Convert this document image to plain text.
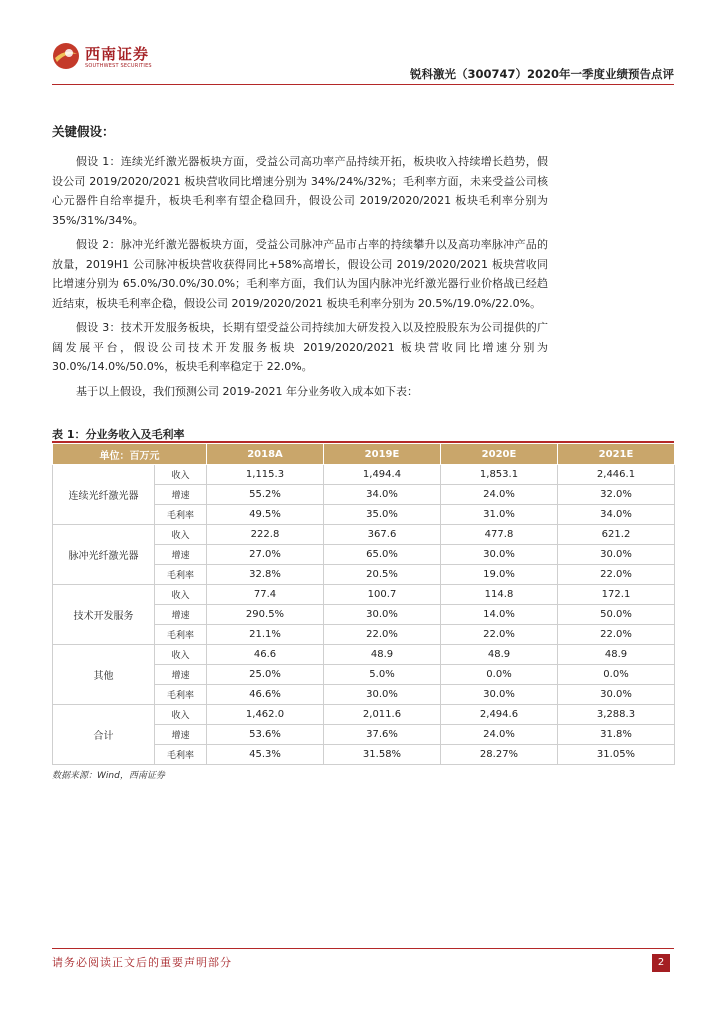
西南证券
SOUTHWEST SECURITIES
锐科激光（300747）2020年一季度业绩预告点评
关键假设：

假设 1：连续光纤激光器板块方面，受益公司高功率产品持续开拓，板块收入持续增长趋势，假设公司 2019/2020/2021 板块营收同比增速分别为 34%/24%/32%；毛利率方面，未来受益公司核心元器件自给率提升，板块毛利率有望企稳回升，假设公司 2019/2020/2021 板块毛利率分别为 35%/31%/34%。

假设 2：脉冲光纤激光器板块方面，受益公司脉冲产品市占率的持续攀升以及高功率脉冲产品的放量，2019H1 公司脉冲板块营收获得同比+58%高增长，假设公司 2019/2020/2021 板块营收同比增速分别为 65.0%/30.0%/30.0%；毛利率方面，我们认为国内脉冲光纤激光器行业价格战已经趋近结束，板块毛利率企稳，假设公司 2019/2020/2021 板块毛利率分别为 20.5%/19.0%/22.0%。

假设 3：技术开发服务板块，长期有望受益公司持续加大研发投入以及控股股东为公司提供的广阔发展平台，假设公司技术开发服务板块 2019/2020/2021 板块营收同比增速分别为 30.0%/14.0%/50.0%，板块毛利率稳定于 22.0%。

基于以上假设，我们预测公司 2019-2021 年分业务收入成本如下表：

表 1：分业务收入及毛利率
单位：百万元		2018A	2019E	2020E	2021E
连续光纤激光器	收入	1,115.3	1,494.4	1,853.1	2,446.1
	增速	55.2%	34.0%	24.0%	32.0%
	毛利率	49.5%	35.0%	31.0%	34.0%
脉冲光纤激光器	收入	222.8	367.6	477.8	621.2
	增速	27.0%	65.0%	30.0%	30.0%
	毛利率	32.8%	20.5%	19.0%	22.0%
技术开发服务	收入	77.4	100.7	114.8	172.1
	增速	290.5%	30.0%	14.0%	50.0%
	毛利率	21.1%	22.0%	22.0%	22.0%
其他	收入	46.6	48.9	48.9	48.9
	增速	25.0%	5.0%	0.0%	0.0%
	毛利率	46.6%	30.0%	30.0%	30.0%
合计	收入	1,462.0	2,011.6	2,494.6	3,288.3
	增速	53.6%	37.6%	24.0%	31.8%
	毛利率	45.3%	31.58%	28.27%	31.05%
数据来源：Wind，西南证券
请务必阅读正文后的重要声明部分	2
